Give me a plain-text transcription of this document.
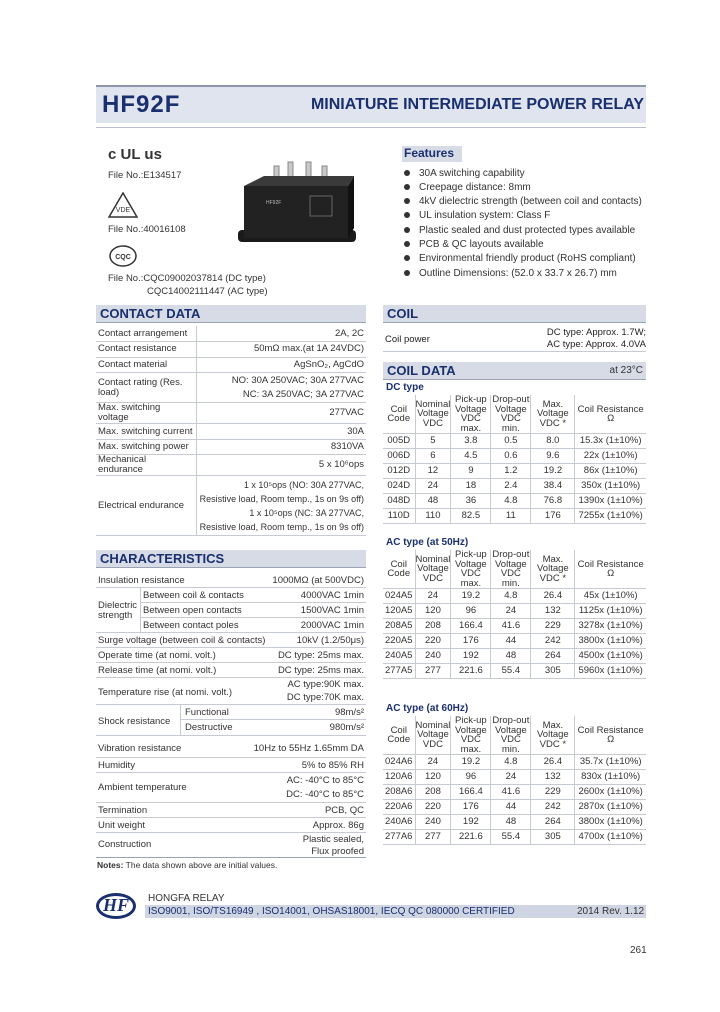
HF92F	MINIATURE INTERMEDIATE POWER RELAY
c UL us
File No.:E134517
VDE
File No.:40016108
CQC
File No.:CQC09002037814 (DC type)
CQC14002111447 (AC type)
HF92F
Features
30A switching capability
Creepage distance: 8mm
4kV dielectric strength (between coil and contacts)
UL insulation system: Class F
Plastic sealed and dust protected types available
PCB & QC layouts available
Environmental friendly product (RoHS compliant)
Outline Dimensions: (52.0 x 33.7 x 26.7) mm
CONTACT DATA
Contact arrangement	2A, 2C
Contact resistance	50mΩ max.(at 1A 24VDC)
Contact material	AgSnO₂, AgCdO
Contact rating (Res. load)	NO: 30A 250VAC; 30A 277VAC
NC: 3A 250VAC; 3A 277VAC

Max. switching voltage	277VAC
Max. switching current	30A
Max. switching power	8310VA
Mechanical endurance	5 x 10⁶ops
Electrical endurance	1 x 10⁵ops (NO: 30A 277VAC,
Resistive load, Room temp., 1s on 9s off)
1 x 10⁵ops (NC: 3A 277VAC,
Resistive load, Room temp., 1s on 9s off)
COIL
Coil power
DC type: Approx. 1.7W;
AC type: Approx. 4.0VA
COIL DATA	at 23°C
DC type
Coil Code	Nominal Voltage VDC	Pick-up Voltage VDC max.	Drop-out Voltage VDC min.	Max. Voltage VDC *	Coil Resistance Ω
005D	5	3.8	0.5	8.0	15.3x (1±10%)
006D	6	4.5	0.6	9.6	22x (1±10%)
012D	12	9	1.2	19.2	86x (1±10%)
024D	24	18	2.4	38.4	350x (1±10%)
048D	48	36	4.8	76.8	1390x (1±10%)
110D	110	82.5	11	176	7255x (1±10%)
AC type (at 50Hz)
Coil Code	Nominal Voltage VDC	Pick-up Voltage VDC max.	Drop-out Voltage VDC min.	Max. Voltage VDC *	Coil Resistance Ω
024A5	24	19.2	4.8	26.4	45x (1±10%)
120A5	120	96	24	132	1125x (1±10%)
208A5	208	166.4	41.6	229	3278x (1±10%)
220A5	220	176	44	242	3800x (1±10%)
240A5	240	192	48	264	4500x (1±10%)
277A5	277	221.6	55.4	305	5960x (1±10%)
AC type (at 60Hz)
Coil Code	Nominal Voltage VDC	Pick-up Voltage VDC max.	Drop-out Voltage VDC min.	Max. Voltage VDC *	Coil Resistance Ω
024A6	24	19.2	4.8	26.4	35.7x (1±10%)
120A6	120	96	24	132	830x (1±10%)
208A6	208	166.4	41.6	229	2600x (1±10%)
220A6	220	176	44	242	2870x (1±10%)
240A6	240	192	48	264	3800x (1±10%)
277A6	277	221.6	55.4	305	4700x (1±10%)
CHARACTERISTICS
Insulation resistance	1000MΩ (at 500VDC)
Dielectric strength
Between coil & contacts	4000VAC 1min
Between open contacts	1500VAC 1min
Between contact poles	2000VAC 1min
Surge voltage (between coil & contacts)	10kV (1.2/50μs)
Operate time (at nomi. volt.)	DC type: 25ms max.
Release time (at nomi. volt.)	DC type: 25ms max.
Temperature rise (at nomi. volt.)
AC type:90K max.
DC type:70K max.
Shock resistance
Functional	98m/s²
Destructive	980m/s²
Vibration resistance	10Hz to 55Hz 1.65mm DA
Humidity	5% to 85% RH
Ambient temperature
AC: -40°C to 85°C
DC: -40°C to 85°C
Termination	PCB, QC
Unit weight	Approx. 86g
Construction	Plastic sealed,
Flux proofed
Notes: The data shown above are initial values.
HF	HONGFA RELAY
ISO9001, ISO/TS16949 , ISO14001, OHSAS18001, IECQ QC 080000 CERTIFIED	2014 Rev. 1.12
261
